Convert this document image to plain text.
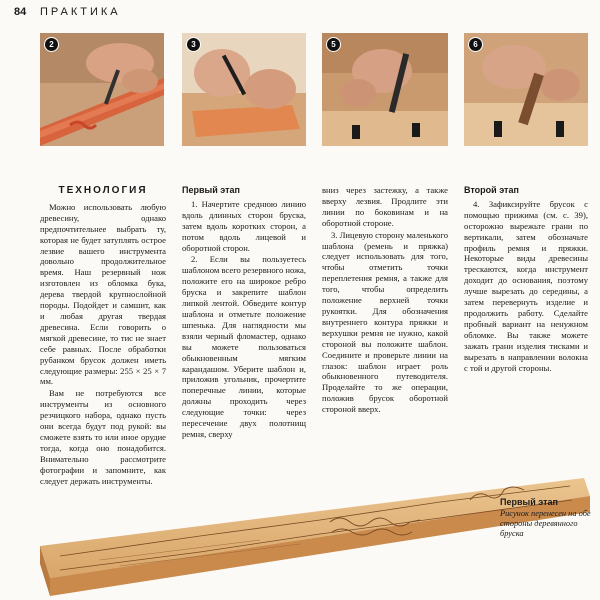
84 ПРАКТИКА
2	3	5	6
ТЕХНОЛОГИЯ

Можно использовать любую древесину, однако предпочтительнее выбрать ту, которая не будет затуплять острое лезвие вашего инструмента довольно продолжительное время. Наш резервный нож изготовлен из обломка бука, дерева твердой крупнослойной породы. Подойдет и самшит, как и любая другая твердая древесина. Если говорить о мягкой древесине, то тис не знает себе равных. После обработки рубанком брусок должен иметь следующие размеры: 255 × 25 × 7 мм.

Вам не потребуются все инструменты из основного резчицкого набора, однако пусть они всегда будут под рукой: вы сможете взять то или иное орудие тогда, когда оно понадобится. Внимательно рассмотрите фотографии и запомните, как следует держать инструменты.

Первый этап

1. Начертите среднюю линию вдоль длинных сторон бруска, затем вдоль коротких сторон, а потом вдоль лицевой и оборотной сторон.

2. Если вы пользуетесь шаблоном всего резервного ножа, положите его на широкое ребро бруска и закрепите шаблон липкой лентой. Обведите контур шаблона и отметьте положение шпенька. Для наглядности мы взяли черный фломастер, однако вы можете пользоваться обыкновенным мягким карандашом. Уберите шаблон и, приложив угольник, прочертите поперечные линии, которые должны проходить через следующие точки: через пересечение двух полотнищ ремня, сверху

вниз через застежку, а также вверху лезвия. Продлите эти линии по боковинам и на оборотной стороне.

3. Лицевую сторону маленького шаблона (ремень и пряжка) следует использовать для того, чтобы отметить точки переплетения ремня, а также для того, чтобы определить положение верхней точки рукоятки. Для обозначения внутреннего контура пряжки и верхушки ремня не нужно, какой стороной вы положите шаблон. Соедините и проверьте линии на глазок: шаблон играет роль обыкновенного путеводителя. Проделайте то же операции, положив брусок оборотной стороной вверх.

Второй этап

4. Зафиксируйте брусок с помощью прижима (см. с. 39), осторожно вырежьте грани по вертикали, затем обозначьте профиль ремня и пряжки. Некоторые виды древесины трескаются, когда инструмент доходит до основания, поэтому лучше вырезать до середины, а затем перевернуть изделие и продолжить работу. Сделайте пробный вариант на ненужном обломке. Вы также можете зажать грани изделия тисками и вырезать в направлении волокна с той и другой стороны.

Первый этап
Рисунок перенесен на обе стороны деревянного бруска
